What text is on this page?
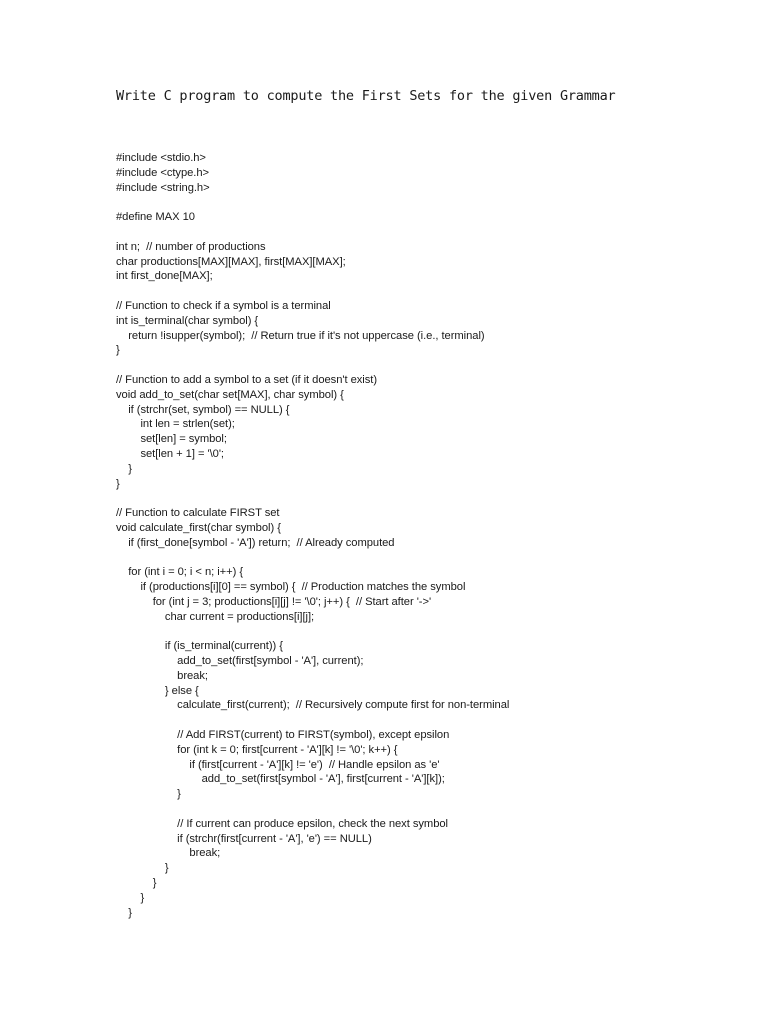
Write C program to compute the First Sets for the given Grammar
#include <stdio.h>
#include <ctype.h>
#include <string.h>
#define MAX 10
int n;  // number of productions
char productions[MAX][MAX], first[MAX][MAX];
int first_done[MAX];
// Function to check if a symbol is a terminal
int is_terminal(char symbol) {
return !isupper(symbol);  // Return true if it's not uppercase (i.e., terminal)
}
// Function to add a symbol to a set (if it doesn't exist)
void add_to_set(char set[MAX], char symbol) {
if (strchr(set, symbol) == NULL) {
int len = strlen(set);
set[len] = symbol;
set[len + 1] = '\0';
}
}
// Function to calculate FIRST set
void calculate_first(char symbol) {
if (first_done[symbol - 'A']) return;  // Already computed
for (int i = 0; i < n; i++) {
if (productions[i][0] == symbol) {  // Production matches the symbol
for (int j = 3; productions[i][j] != '\0'; j++) {  // Start after '->'
char current = productions[i][j];
if (is_terminal(current)) {
add_to_set(first[symbol - 'A'], current);
break;
} else {
calculate_first(current);  // Recursively compute first for non-terminal
// Add FIRST(current) to FIRST(symbol), except epsilon
for (int k = 0; first[current - 'A'][k] != '\0'; k++) {
if (first[current - 'A'][k] != 'e')  // Handle epsilon as 'e'
add_to_set(first[symbol - 'A'], first[current - 'A'][k]);
}
// If current can produce epsilon, check the next symbol
if (strchr(first[current - 'A'], 'e') == NULL)
break;
}
}
}
}
